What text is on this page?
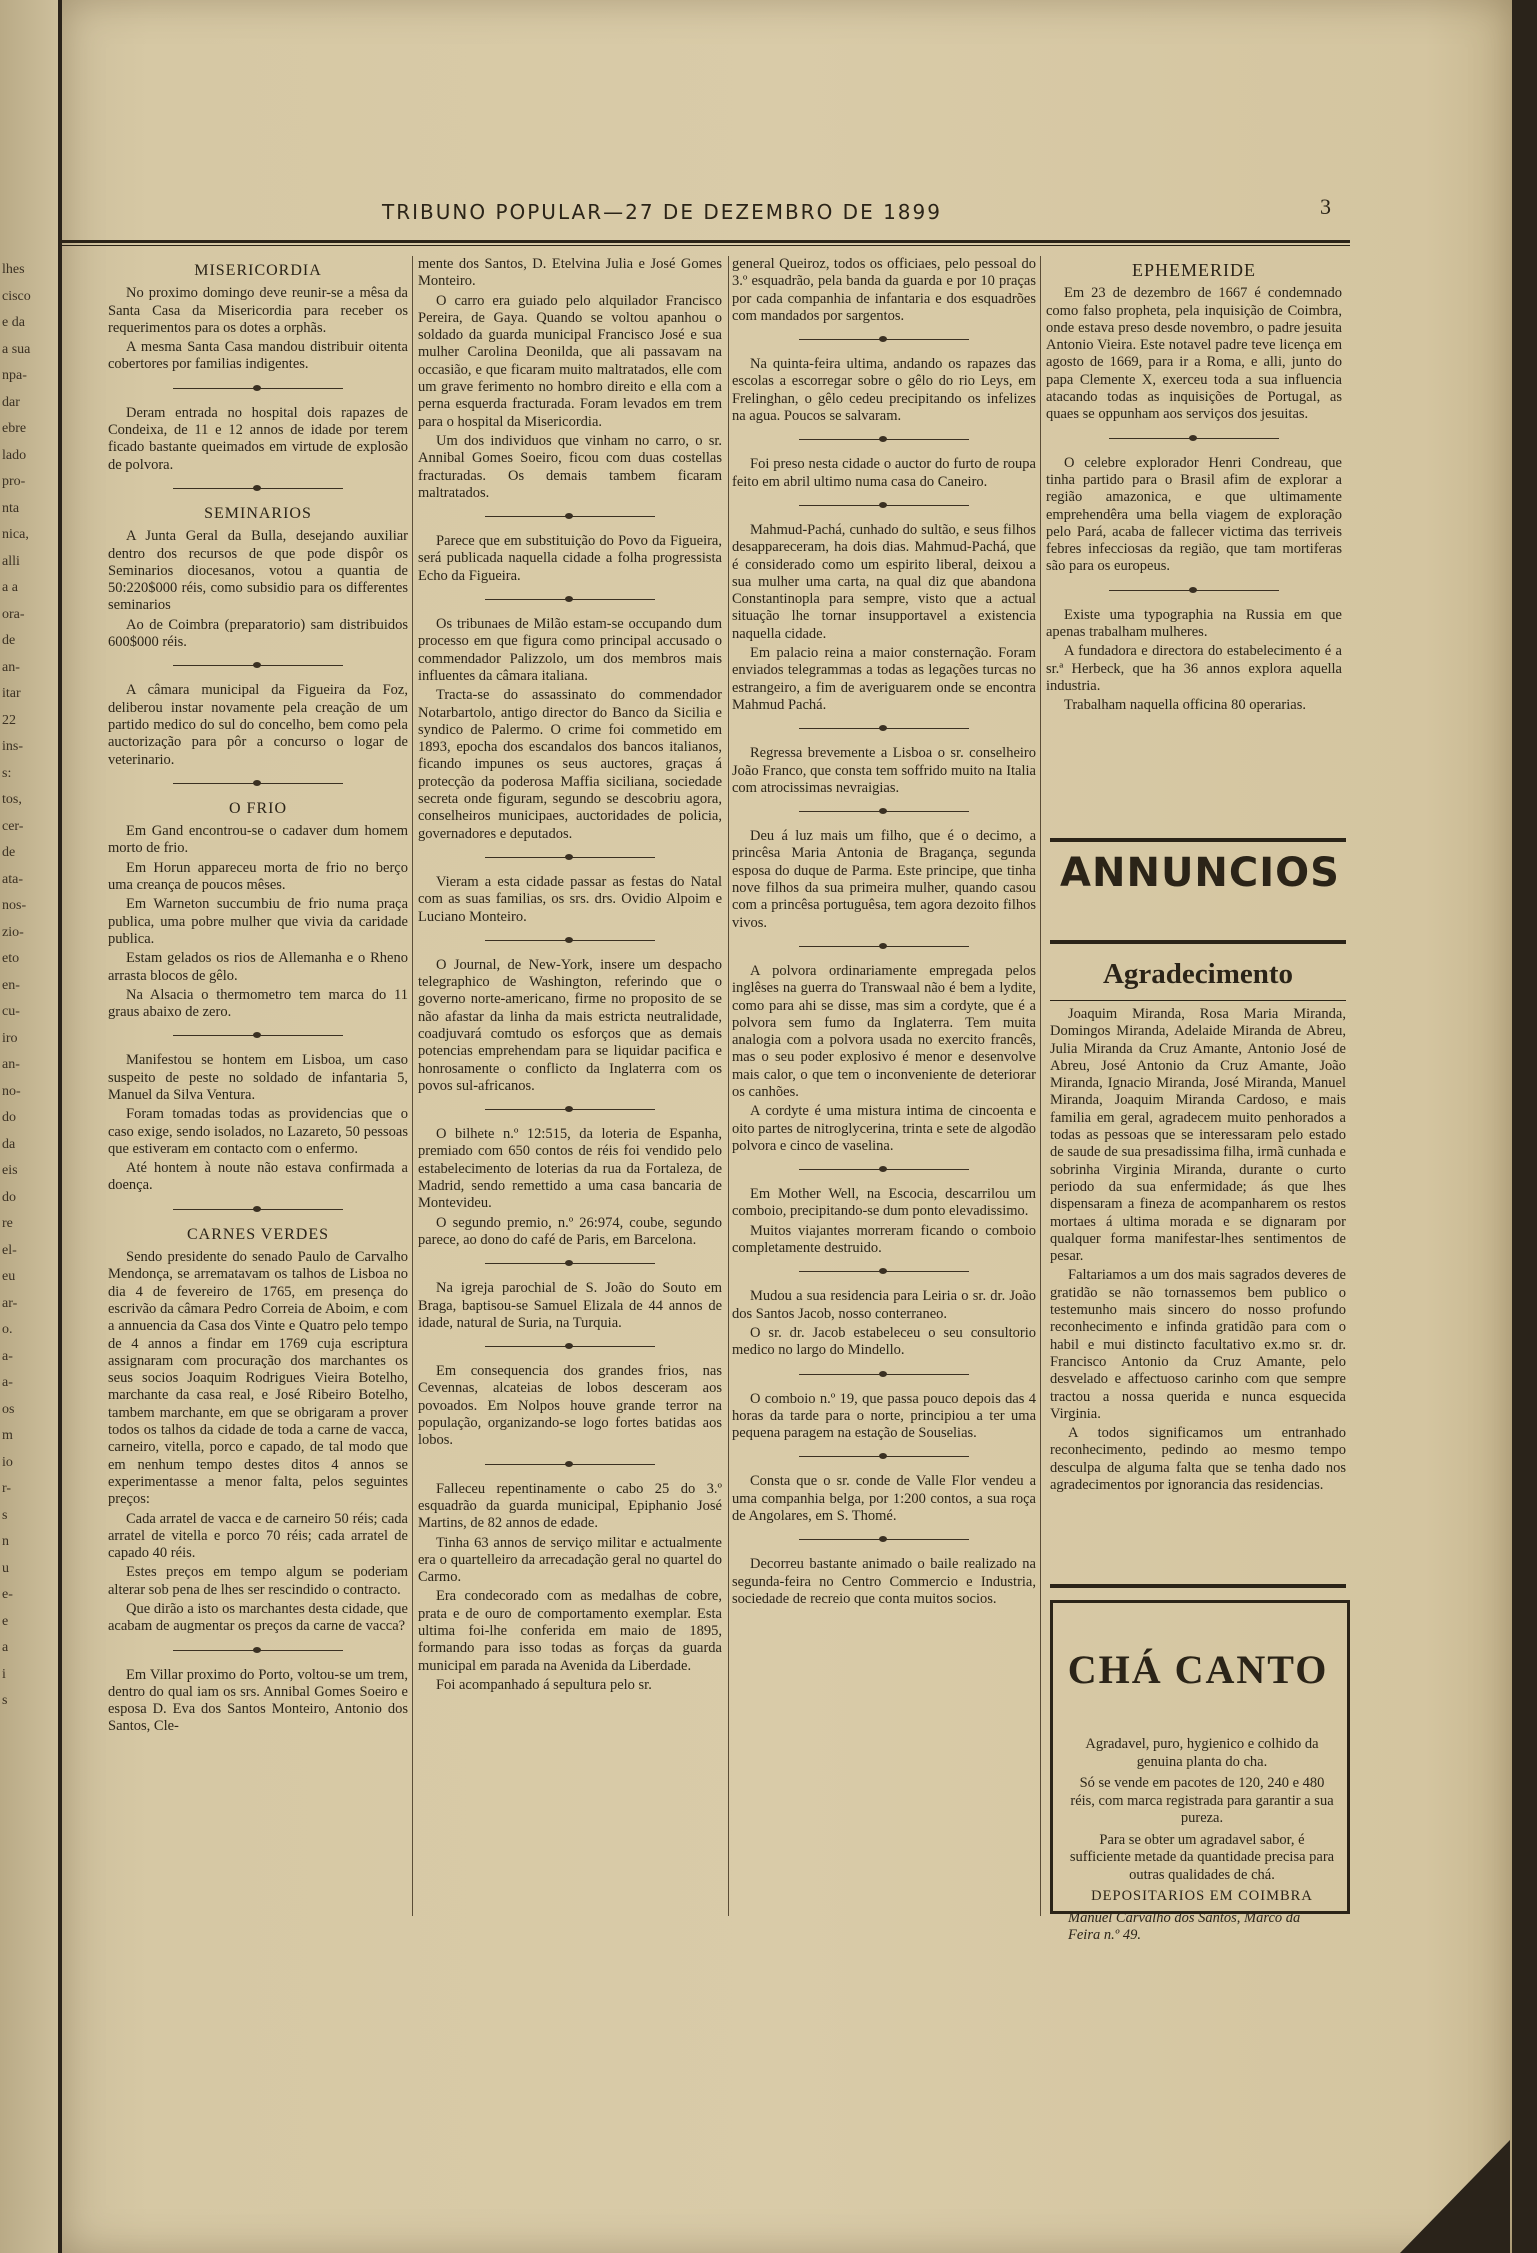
lhes
cisco
e da
a sua
npa-
dar
ebre
lado
pro-
nta
nica,
alli
a a
ora-
de
an-
itar
22
ins-
s:
tos,
cer-
de
ata-
nos-
zio-
eto
en-
cu-
iro
an-
no-
do
da
eis
do
re
el-
eu
ar-
o.
a-
a-
os
m
io
r-
s
n
u
e-
e
a
i
s
TRIBUNO POPULAR—27 DE DEZEMBRO DE 1899	3

MISERICORDIA

No proximo domingo deve reunir-se a mêsa da Santa Casa da Misericordia para receber os requerimentos para os dotes a orphãs.

A mesma Santa Casa mandou distribuir oitenta cobertores por familias indigentes.

Deram entrada no hospital dois rapazes de Condeixa, de 11 e 12 annos de idade por terem ficado bastante queimados em virtude de explosão de polvora.

SEMINARIOS

A Junta Geral da Bulla, desejando auxiliar dentro dos recursos de que pode dispôr os Seminarios diocesanos, votou a quantia de 50:220$000 réis, como subsidio para os differentes seminarios

Ao de Coimbra (preparatorio) sam distribuidos 600$000 réis.

A câmara municipal da Figueira da Foz, deliberou instar novamente pela creação de um partido medico do sul do concelho, bem como pela auctorização para pôr a concurso o logar de veterinario.

O FRIO

Em Gand encontrou-se o cadaver dum homem morto de frio.

Em Horun appareceu morta de frio no berço uma creança de poucos mêses.

Em Warneton succumbiu de frio numa praça publica, uma pobre mulher que vivia da caridade publica.

Estam gelados os rios de Allemanha e o Rheno arrasta blocos de gêlo.

Na Alsacia o thermometro tem marca do 11 graus abaixo de zero.

Manifestou se hontem em Lisboa, um caso suspeito de peste no soldado de infantaria 5, Manuel da Silva Ventura.

Foram tomadas todas as providencias que o caso exige, sendo isolados, no Lazareto, 50 pessoas que estiveram em contacto com o enfermo.

Até hontem à noute não estava confirmada a doença.

CARNES VERDES

Sendo presidente do senado Paulo de Carvalho Mendonça, se arrematavam os talhos de Lisboa no dia 4 de fevereiro de 1765, em presença do escrivão da câmara Pedro Correia de Aboim, e com a annuencia da Casa dos Vinte e Quatro pelo tempo de 4 annos a findar em 1769 cuja escriptura assignaram com procuração dos marchantes os seus socios Joaquim Rodrigues Vieira Botelho, marchante da casa real, e José Ribeiro Botelho, tambem marchante, em que se obrigaram a prover todos os talhos da cidade de toda a carne de vacca, carneiro, vitella, porco e capado, de tal modo que em nenhum tempo destes ditos 4 annos se experimentasse a menor falta, pelos seguintes preços:

Cada arratel de vacca e de carneiro 50 réis; cada arratel de vitella e porco 70 réis; cada arratel de capado 40 réis.

Estes preços em tempo algum se poderiam alterar sob pena de lhes ser rescindido o contracto.

Que dirão a isto os marchantes desta cidade, que acabam de augmentar os preços da carne de vacca?

Em Villar proximo do Porto, voltou-se um trem, dentro do qual iam os srs. Annibal Gomes Soeiro e esposa D. Eva dos Santos Monteiro, Antonio dos Santos, Cle-

mente dos Santos, D. Etelvina Julia e José Gomes Monteiro.

O carro era guiado pelo alquilador Francisco Pereira, de Gaya. Quando se voltou apanhou o soldado da guarda municipal Francisco José e sua mulher Carolina Deonilda, que ali passavam na occasião, e que ficaram muito maltratados, elle com um grave ferimento no hombro direito e ella com a perna esquerda fracturada. Foram levados em trem para o hospital da Misericordia.

Um dos individuos que vinham no carro, o sr. Annibal Gomes Soeiro, ficou com duas costellas fracturadas. Os demais tambem ficaram maltratados.

Parece que em substituição do Povo da Figueira, será publicada naquella cidade a folha progressista Echo da Figueira.

Os tribunaes de Milão estam-se occupando dum processo em que figura como principal accusado o commendador Palizzolo, um dos membros mais influentes da câmara italiana.

Tracta-se do assassinato do commendador Notarbartolo, antigo director do Banco da Sicilia e syndico de Palermo. O crime foi commetido em 1893, epocha dos escandalos dos bancos italianos, ficando impunes os seus auctores, graças á protecção da poderosa Maffia siciliana, sociedade secreta onde figuram, segundo se descobriu agora, conselheiros municipaes, auctoridades de policia, governadores e deputados.

Vieram a esta cidade passar as festas do Natal com as suas familias, os srs. drs. Ovidio Alpoim e Luciano Monteiro.

O Journal, de New-York, insere um despacho telegraphico de Washington, referindo que o governo norte-americano, firme no proposito de se não afastar da linha da mais estricta neutralidade, coadjuvará comtudo os esforços que as demais potencias emprehendam para se liquidar pacifica e honrosamente o conflicto da Inglaterra com os povos sul-africanos.

O bilhete n.º 12:515, da loteria de Espanha, premiado com 650 contos de réis foi vendido pelo estabelecimento de loterias da rua da Fortaleza, de Madrid, sendo remettido a uma casa bancaria de Montevideu.

O segundo premio, n.º 26:974, coube, segundo parece, ao dono do café de Paris, em Barcelona.

Na igreja parochial de S. João do Souto em Braga, baptisou-se Samuel Elizala de 44 annos de idade, natural de Suria, na Turquia.

Em consequencia dos grandes frios, nas Cevennas, alcateias de lobos desceram aos povoados. Em Nolpos houve grande terror na população, organizando-se logo fortes batidas aos lobos.

Falleceu repentinamente o cabo 25 do 3.º esquadrão da guarda municipal, Epiphanio José Martins, de 82 annos de edade.

Tinha 63 annos de serviço militar e actualmente era o quartelleiro da arrecadação geral no quartel do Carmo.

Era condecorado com as medalhas de cobre, prata e de ouro de comportamento exemplar. Esta ultima foi-lhe conferida em maio de 1895, formando para isso todas as forças da guarda municipal em parada na Avenida da Liberdade.

Foi acompanhado á sepultura pelo sr.

general Queiroz, todos os officiaes, pelo pessoal do 3.º esquadrão, pela banda da guarda e por 10 praças por cada companhia de infantaria e dos esquadrões com mandados por sargentos.

Na quinta-feira ultima, andando os rapazes das escolas a escorregar sobre o gêlo do rio Leys, em Frelinghan, o gêlo cedeu precipitando os infelizes na agua. Poucos se salvaram.

Foi preso nesta cidade o auctor do furto de roupa feito em abril ultimo numa casa do Caneiro.

Mahmud-Pachá, cunhado do sultão, e seus filhos desappareceram, ha dois dias. Mahmud-Pachá, que é considerado como um espirito liberal, deixou a sua mulher uma carta, na qual diz que abandona Constantinopla para sempre, visto que a actual situação lhe tornar insupportavel a existencia naquella cidade.

Em palacio reina a maior consternação. Foram enviados telegrammas a todas as legações turcas no estrangeiro, a fim de averiguarem onde se encontra Mahmud Pachá.

Regressa brevemente a Lisboa o sr. conselheiro João Franco, que consta tem soffrido muito na Italia com atrocissimas nevraigias.

Deu á luz mais um filho, que é o decimo, a princêsa Maria Antonia de Bragança, segunda esposa do duque de Parma. Este principe, que tinha nove filhos da sua primeira mulher, quando casou com a princêsa portuguêsa, tem agora dezoito filhos vivos.

A polvora ordinariamente empregada pelos inglêses na guerra do Transwaal não é bem a lydite, como para ahi se disse, mas sim a cordyte, que é a polvora sem fumo da Inglaterra. Tem muita analogia com a polvora usada no exercito francês, mas o seu poder explosivo é menor e desenvolve mais calor, o que tem o inconveniente de deteriorar os canhões.

A cordyte é uma mistura intima de cincoenta e oito partes de nitroglycerina, trinta e sete de algodão polvora e cinco de vaselina.

Em Mother Well, na Escocia, descarrilou um comboio, precipitando-se dum ponto elevadissimo.

Muitos viajantes morreram ficando o comboio completamente destruido.

Mudou a sua residencia para Leiria o sr. dr. João dos Santos Jacob, nosso conterraneo.

O sr. dr. Jacob estabeleceu o seu consultorio medico no largo do Mindello.

O comboio n.º 19, que passa pouco depois das 4 horas da tarde para o norte, principiou a ter uma pequena paragem na estação de Souselias.

Consta que o sr. conde de Valle Flor vendeu a uma companhia belga, por 1:200 contos, a sua roça de Angolares, em S. Thomé.

Decorreu bastante animado o baile realizado na segunda-feira no Centro Commercio e Industria, sociedade de recreio que conta muitos socios.

EPHEMERIDE

Em 23 de dezembro de 1667 é condemnado como falso propheta, pela inquisição de Coimbra, onde estava preso desde novembro, o padre jesuita Antonio Vieira. Este notavel padre teve licença em agosto de 1669, para ir a Roma, e alli, junto do papa Clemente X, exerceu toda a sua influencia atacando todas as inquisições de Portugal, as quaes se oppunham aos serviços dos jesuitas.

O celebre explorador Henri Condreau, que tinha partido para o Brasil afim de explorar a região amazonica, e que ultimamente emprehendêra uma bella viagem de exploração pelo Pará, acaba de fallecer victima das terriveis febres infecciosas da região, que tam mortiferas são para os europeus.

Existe uma typographia na Russia em que apenas trabalham mulheres.

A fundadora e directora do estabelecimento é a sr.ª Herbeck, que ha 36 annos explora aquella industria.

Trabalham naquella officina 80 operarias.

ANNUNCIOS
Agradecimento

Joaquim Miranda, Rosa Maria Miranda, Domingos Miranda, Adelaide Miranda de Abreu, Julia Miranda da Cruz Amante, Antonio José de Abreu, José Antonio da Cruz Amante, João Miranda, Ignacio Miranda, José Miranda, Manuel Miranda, Joaquim Miranda Cardoso, e mais familia em geral, agradecem muito penhorados a todas as pessoas que se interessaram pelo estado de saude de sua presadissima filha, irmã cunhada e sobrinha Virginia Miranda, durante o curto periodo da sua enfermidade; ás que lhes dispensaram a fineza de acompanharem os restos mortaes á ultima morada e se dignaram por qualquer forma manifestar-lhes sentimentos de pesar.

Faltariamos a um dos mais sagrados deveres de gratidão se não tornassemos bem publico o testemunho mais sincero do nosso profundo reconhecimento e infinda gratidão para com o habil e mui distincto facultativo ex.mo sr. dr. Francisco Antonio da Cruz Amante, pelo desvelado e affectuoso carinho com que sempre tractou a nossa querida e nunca esquecida Virginia.

A todos significamos um entranhado reconhecimento, pedindo ao mesmo tempo desculpa de alguma falta que se tenha dado nos agradecimentos por ignorancia das residencias.

CHÁ CANTO

Agradavel, puro, hygienico e colhido da genuina planta do cha.

Só se vende em pacotes de 120, 240 e 480 réis, com marca registrada para garantir a sua pureza.

Para se obter um agradavel sabor, é sufficiente metade da quantidade precisa para outras qualidades de chá.

DEPOSITARIOS EM COIMBRA

Manuel Carvalho dos Santos, Marco da Feira n.º 49.
